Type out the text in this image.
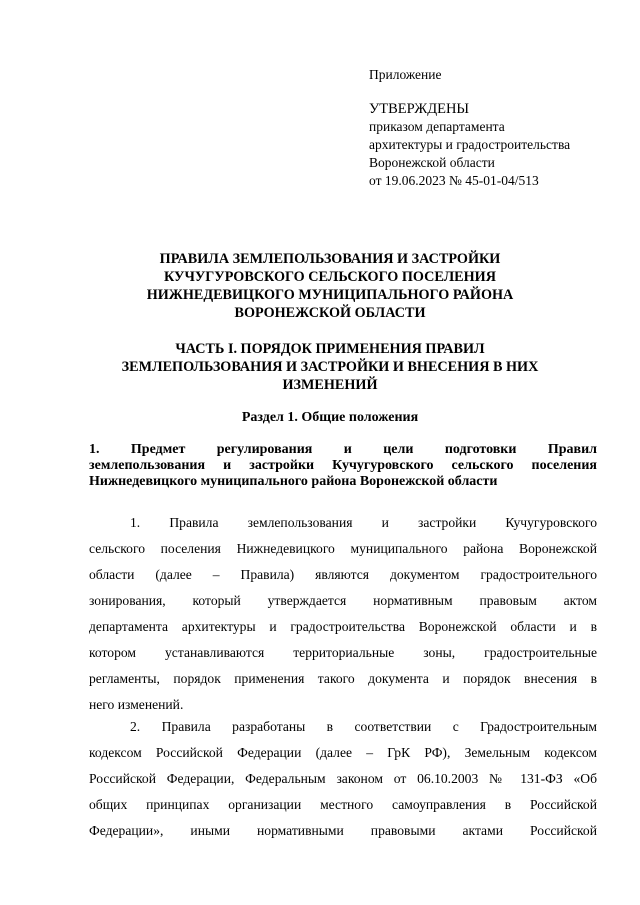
Приложение
УТВЕРЖДЕНЫ
приказом департамента
архитектуры и градостроительства
Воронежской области
от 19.06.2023 № 45-01-04/513
ПРАВИЛА ЗЕМЛЕПОЛЬЗОВАНИЯ И ЗАСТРОЙКИ
КУЧУГУРОВСКОГО СЕЛЬСКОГО ПОСЕЛЕНИЯ
НИЖНЕДЕВИЦКОГО МУНИЦИПАЛЬНОГО РАЙОНА
ВОРОНЕЖСКОЙ ОБЛАСТИ
ЧАСТЬ I. ПОРЯДОК ПРИМЕНЕНИЯ ПРАВИЛ
ЗЕМЛЕПОЛЬЗОВАНИЯ И ЗАСТРОЙКИ И ВНЕСЕНИЯ В НИХ
ИЗМЕНЕНИЙ
Раздел 1. Общие положения
1. Предмет регулирования и цели подготовки Правил
землепользования и застройки Кучугуровского сельского поселения
Нижнедевицкого муниципального района Воронежской области
1. Правила землепользования и застройки Кучугуровского
сельского поселения Нижнедевицкого муниципального района Воронежской
области (далее – Правила) являются документом градостроительного
зонирования, который утверждается нормативным правовым актом
департамента архитектуры и градостроительства Воронежской области и в
котором устанавливаются территориальные зоны, градостроительные
регламенты, порядок применения такого документа и порядок внесения в
него изменений.
2. Правила разработаны в соответствии с Градостроительным
кодексом Российской Федерации (далее – ГрК РФ), Земельным кодексом
Российской Федерации, Федеральным законом от 06.10.2003 № 131-ФЗ «Об
общих принципах организации местного самоуправления в Российской
Федерации», иными нормативными правовыми актами Российской
